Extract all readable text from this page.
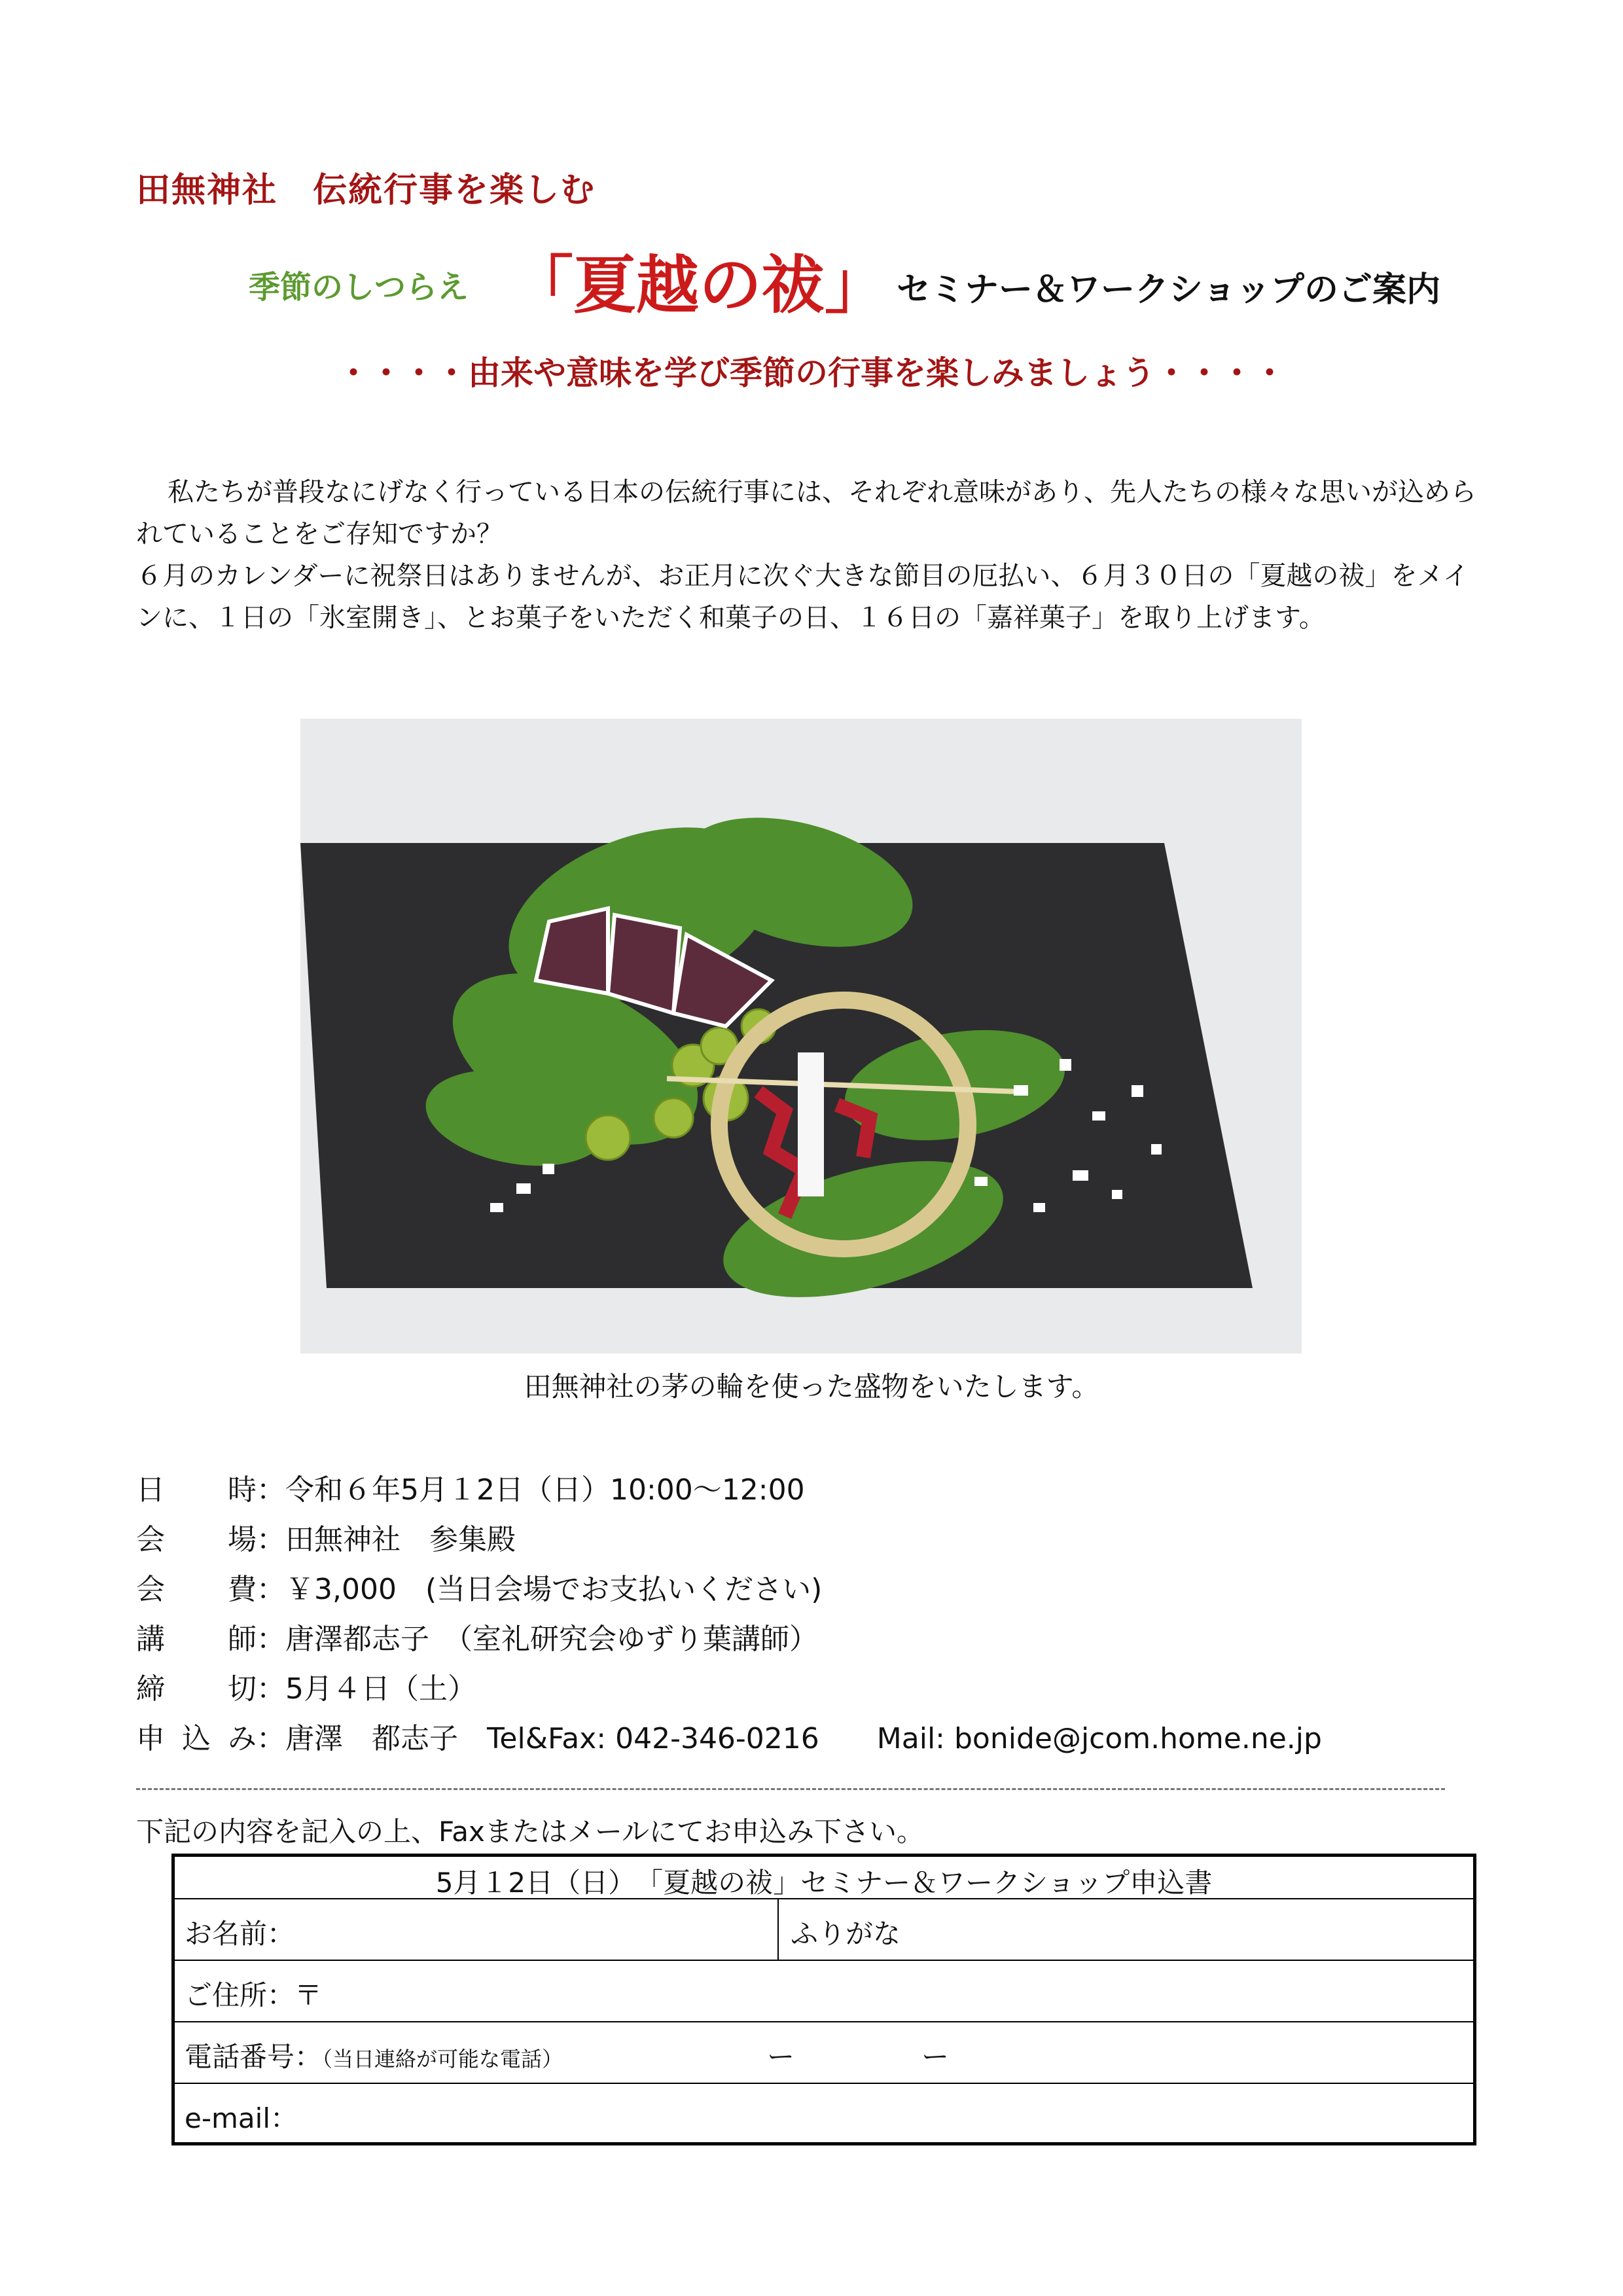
田無神社　伝統行事を楽しむ
季節のしつらえ 「夏越の祓」 セミナー＆ワークショップのご案内
・・・・由来や意味を学び季節の行事を楽しみましょう・・・・

私たちが普段なにげなく行っている日本の伝統行事には、それぞれ意味があり、先人たちの様々な思いが込められていることをご存知ですか？

６月のカレンダーに祝祭日はありませんが、お正月に次ぐ大きな節目の厄払い、６月３０日の「夏越の祓」をメインに、１日の「氷室開き」、とお菓子をいただく和菓子の日、１６日の「嘉祥菓子」を取り上げます。

田無神社の茅の輪を使った盛物をいたします。
日時：令和６年5月１2日（日）10:00～12:00
会場：田無神社　参集殿
会費：￥3,000　(当日会場でお支払いください)
講師：唐澤都志子　（室礼研究会ゆずり葉講師）
締切：5月４日（土）
申込み：唐澤　都志子 Tel&Fax: 042-346-0216 Mail: bonide@jcom.home.ne.jp
下記の内容を記入の上、Faxまたはメールにてお申込み下さい。
5月１2日（日）　「夏越の祓」セミナー＆ワークショップ申込書
お名前：	ふりがな
ご住所：〒
電話番号：（当日連絡が可能な電話）	ー	ー
e-mail：
